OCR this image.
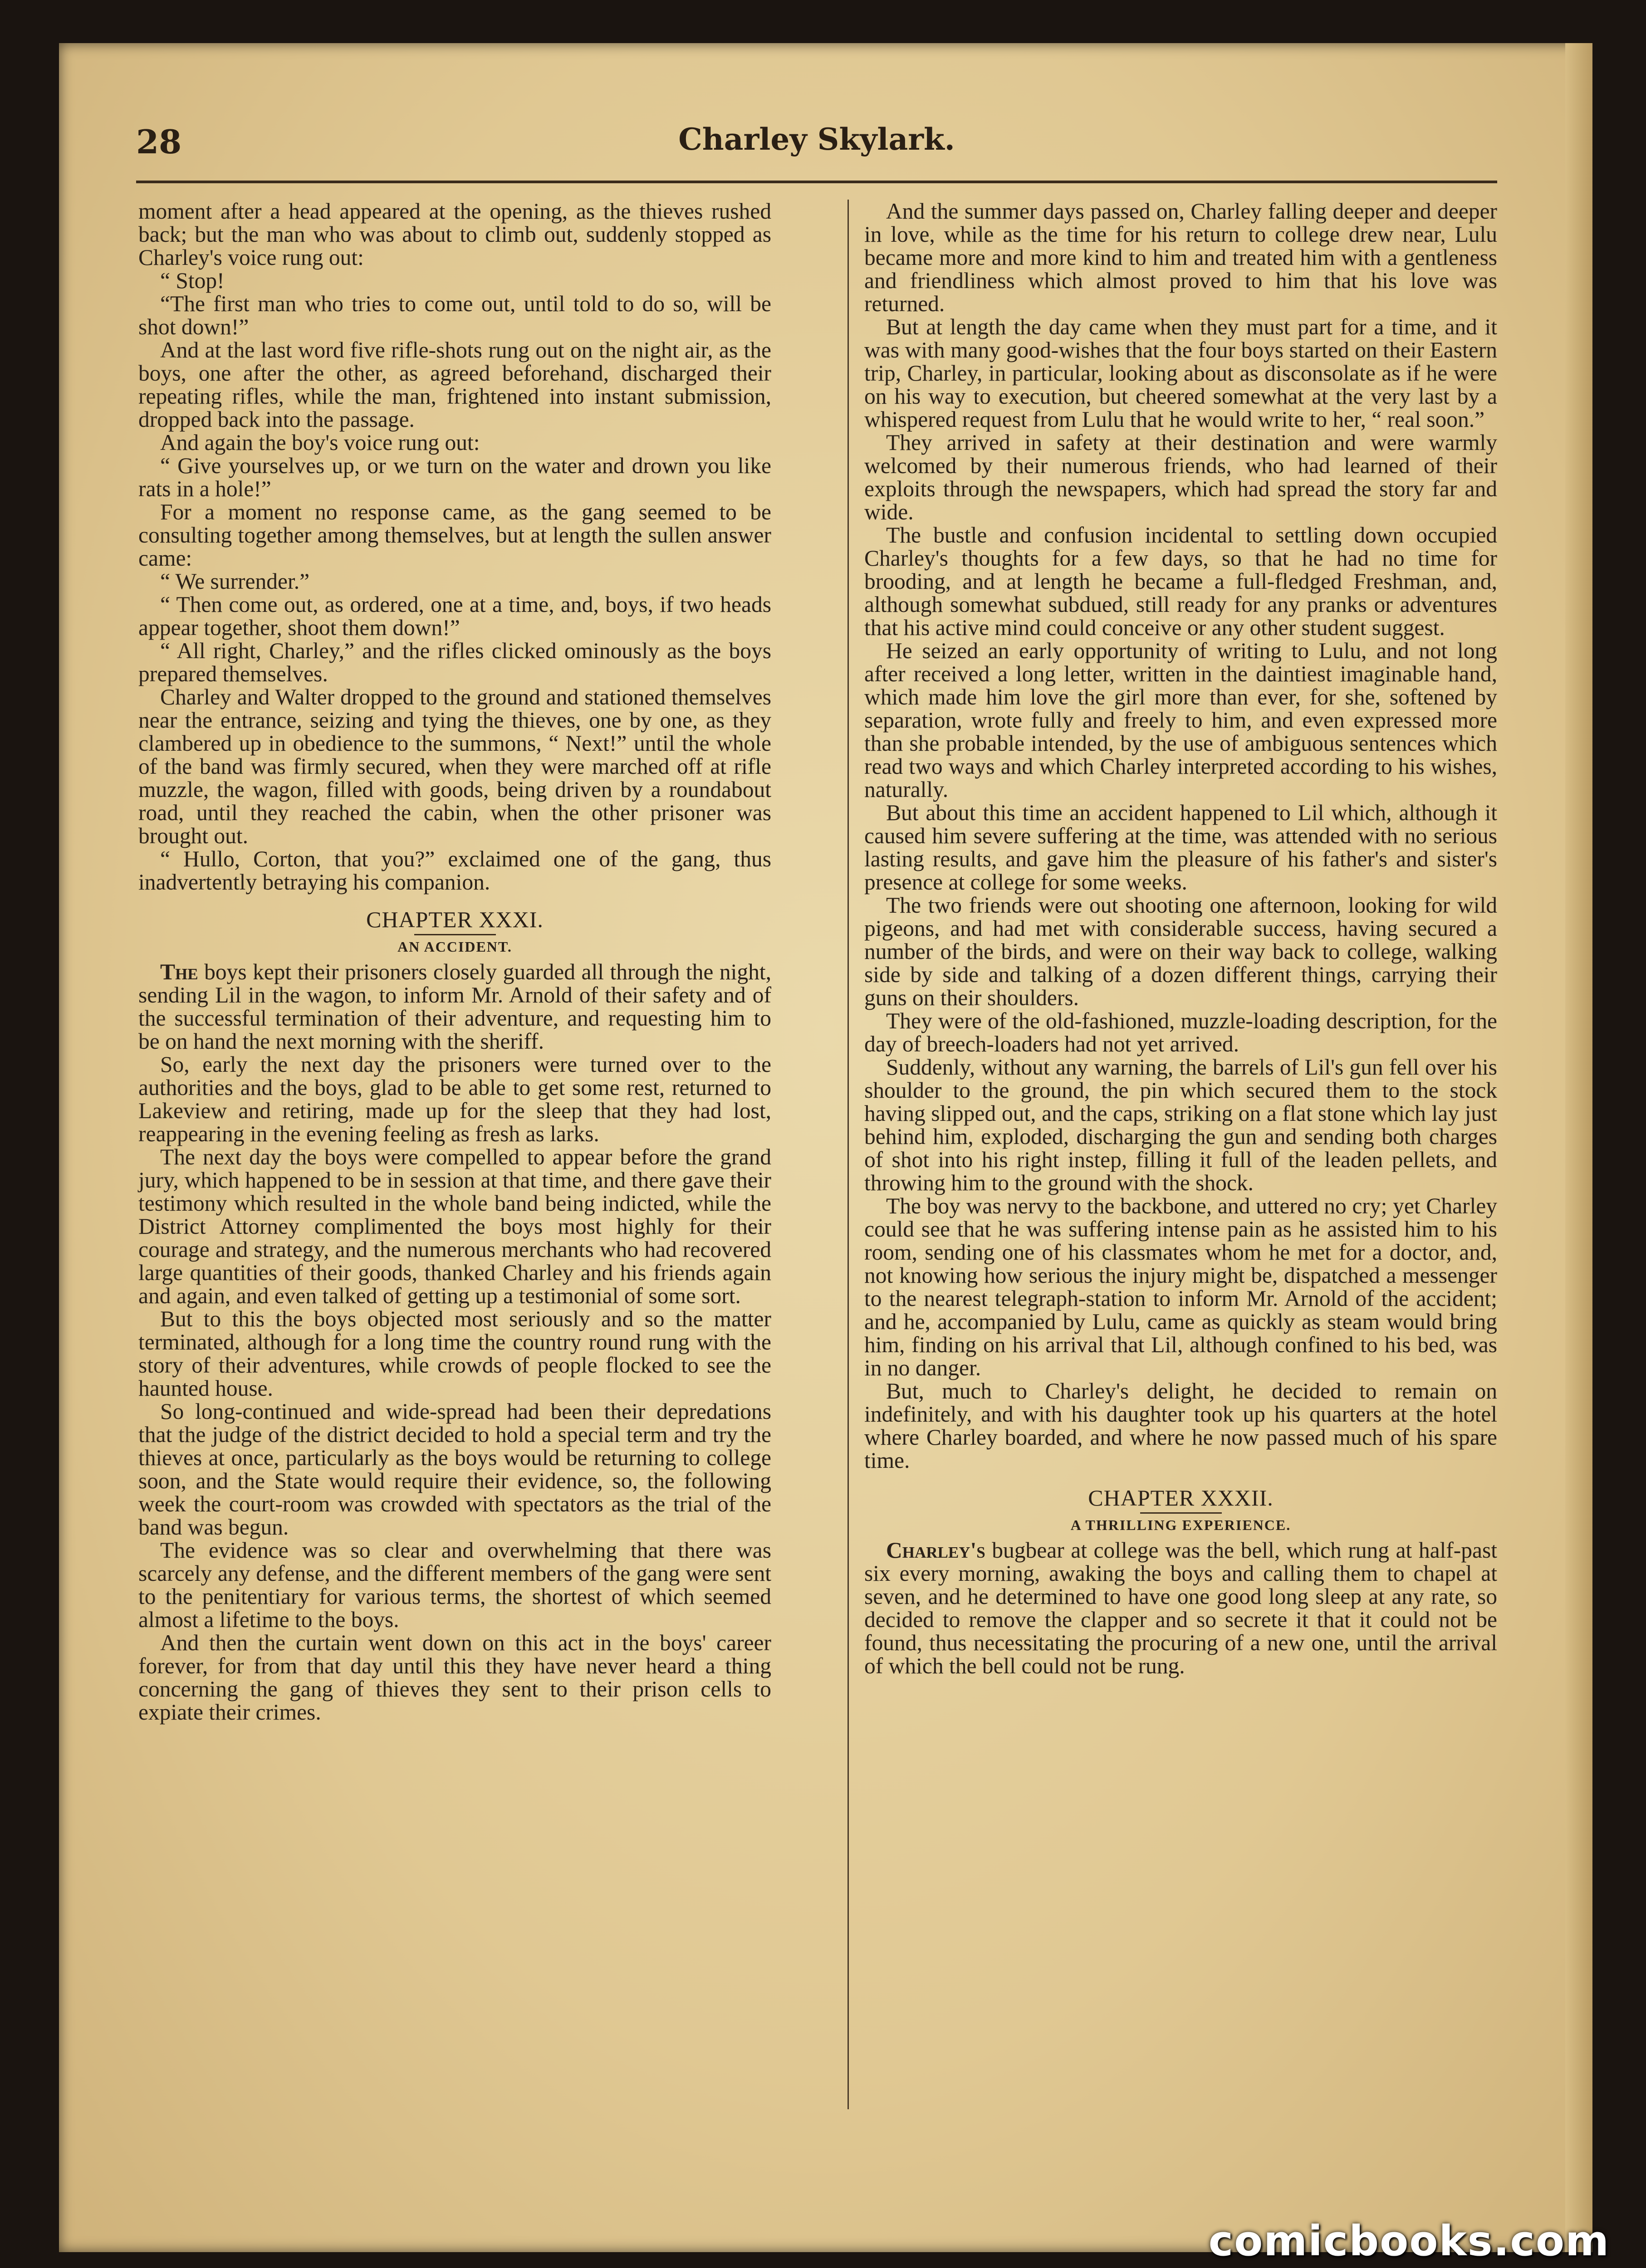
28	Charley Skylark.

moment after a head appeared at the opening, as the thieves rushed back; but the man who was about to climb out, suddenly stopped as Charley's voice rung out:

“ Stop!

“The first man who tries to come out, until told to do so, will be shot down!”

And at the last word five rifle-shots rung out on the night air, as the boys, one after the other, as agreed beforehand, discharged their repeating rifles, while the man, frightened into instant submission, dropped back into the passage.

And again the boy's voice rung out:

“ Give yourselves up, or we turn on the water and drown you like rats in a hole!”

For a moment no response came, as the gang seemed to be consulting together among themselves, but at length the sullen answer came:

“ We surrender.”

“ Then come out, as ordered, one at a time, and, boys, if two heads appear together, shoot them down!”

“ All right, Charley,” and the rifles clicked ominously as the boys prepared themselves.

Charley and Walter dropped to the ground and stationed themselves near the entrance, seizing and tying the thieves, one by one, as they clambered up in obedience to the summons, “ Next!” until the whole of the band was firmly secured, when they were marched off at rifle muzzle, the wagon, filled with goods, being driven by a roundabout road, until they reached the cabin, when the other prisoner was brought out.

“ Hullo, Corton, that you?” exclaimed one of the gang, thus inadvertently betraying his companion.

CHAPTER XXXI.

AN ACCIDENT.

The boys kept their prisoners closely guarded all through the night, sending Lil in the wagon, to inform Mr. Arnold of their safety and of the successful termination of their adventure, and requesting him to be on hand the next morning with the sheriff.

So, early the next day the prisoners were turned over to the authorities and the boys, glad to be able to get some rest, returned to Lakeview and retiring, made up for the sleep that they had lost, reappearing in the evening feeling as fresh as larks.

The next day the boys were compelled to appear before the grand jury, which happened to be in session at that time, and there gave their testimony which resulted in the whole band being indicted, while the District Attorney complimented the boys most highly for their courage and strategy, and the numerous merchants who had recovered large quantities of their goods, thanked Charley and his friends again and again, and even talked of getting up a testimonial of some sort.

But to this the boys objected most seriously and so the matter terminated, although for a long time the country round rung with the story of their adventures, while crowds of people flocked to see the haunted house.

So long-continued and wide-spread had been their depredations that the judge of the district decided to hold a special term and try the thieves at once, particularly as the boys would be returning to college soon, and the State would require their evidence, so, the following week the court-room was crowded with spectators as the trial of the band was begun.

The evidence was so clear and overwhelming that there was scarcely any defense, and the different members of the gang were sent to the penitentiary for various terms, the shortest of which seemed almost a lifetime to the boys.

And then the curtain went down on this act in the boys' career forever, for from that day until this they have never heard a thing concerning the gang of thieves they sent to their prison cells to expiate their crimes.

And the summer days passed on, Charley falling deeper and deeper in love, while as the time for his return to college drew near, Lulu became more and more kind to him and treated him with a gentleness and friendliness which almost proved to him that his love was returned.

But at length the day came when they must part for a time, and it was with many good-wishes that the four boys started on their Eastern trip, Charley, in particular, looking about as disconsolate as if he were on his way to execution, but cheered somewhat at the very last by a whispered request from Lulu that he would write to her, “ real soon.”

They arrived in safety at their destination and were warmly welcomed by their numerous friends, who had learned of their exploits through the newspapers, which had spread the story far and wide.

The bustle and confusion incidental to settling down occupied Charley's thoughts for a few days, so that he had no time for brooding, and at length he became a full-fledged Freshman, and, although somewhat subdued, still ready for any pranks or adventures that his active mind could conceive or any other student suggest.

He seized an early opportunity of writing to Lulu, and not long after received a long letter, written in the daintiest imaginable hand, which made him love the girl more than ever, for she, softened by separation, wrote fully and freely to him, and even expressed more than she probable intended, by the use of ambiguous sentences which read two ways and which Charley interpreted according to his wishes, naturally.

But about this time an accident happened to Lil which, although it caused him severe suffering at the time, was attended with no serious lasting results, and gave him the pleasure of his father's and sister's presence at college for some weeks.

The two friends were out shooting one afternoon, looking for wild pigeons, and had met with considerable success, having secured a number of the birds, and were on their way back to college, walking side by side and talking of a dozen different things, carrying their guns on their shoulders.

They were of the old-fashioned, muzzle-loading description, for the day of breech-loaders had not yet arrived.

Suddenly, without any warning, the barrels of Lil's gun fell over his shoulder to the ground, the pin which secured them to the stock having slipped out, and the caps, striking on a flat stone which lay just behind him, exploded, discharging the gun and sending both charges of shot into his right instep, filling it full of the leaden pellets, and throwing him to the ground with the shock.

The boy was nervy to the backbone, and uttered no cry; yet Charley could see that he was suffering intense pain as he assisted him to his room, sending one of his classmates whom he met for a doctor, and, not knowing how serious the injury might be, dispatched a messenger to the nearest telegraph-station to inform Mr. Arnold of the accident; and he, accompanied by Lulu, came as quickly as steam would bring him, finding on his arrival that Lil, although confined to his bed, was in no danger.

But, much to Charley's delight, he decided to remain on indefinitely, and with his daughter took up his quarters at the hotel where Charley boarded, and where he now passed much of his spare time.

CHAPTER XXXII.

A THRILLING EXPERIENCE.

Charley's bugbear at college was the bell, which rung at half-past six every morning, awaking the boys and calling them to chapel at seven, and he determined to have one good long sleep at any rate, so decided to remove the clapper and so secrete it that it could not be found, thus necessitating the procuring of a new one, until the arrival of which the bell could not be rung.

comicbooks.com
